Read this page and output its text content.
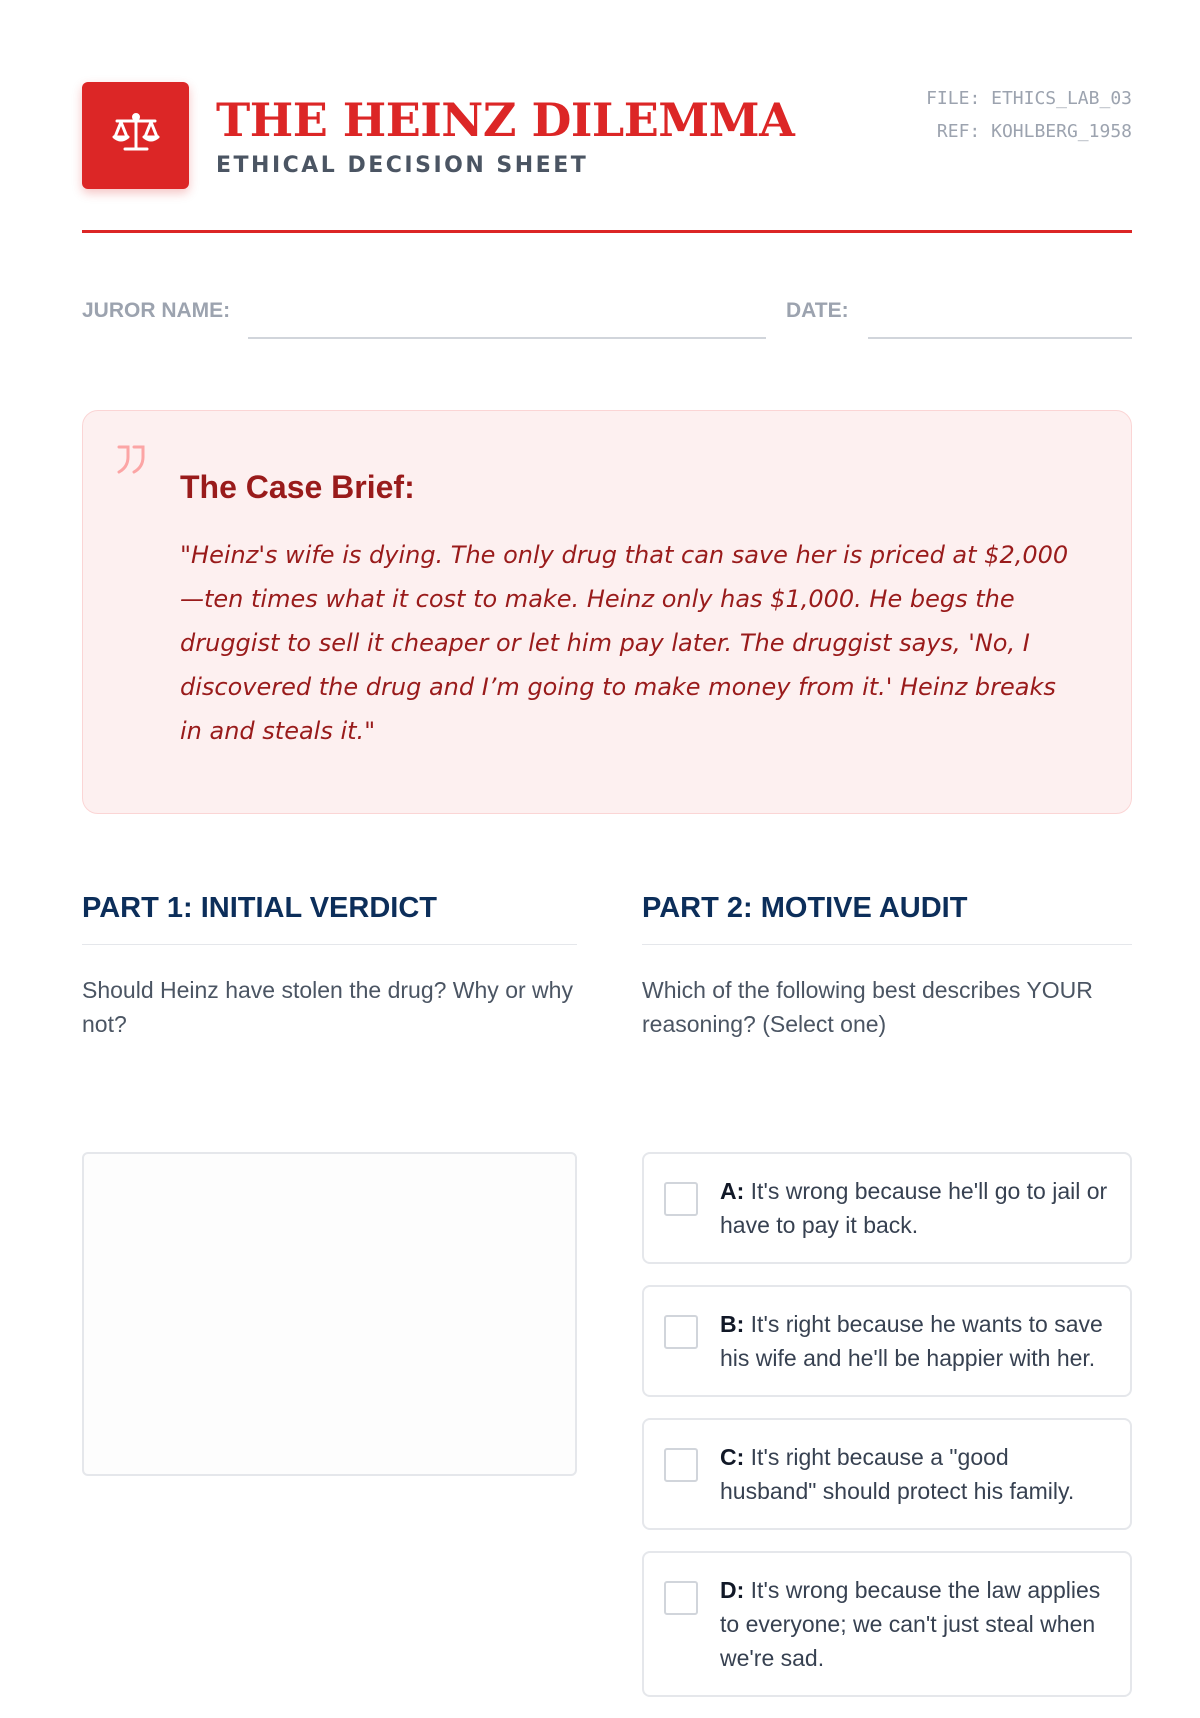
THE HEINZ DILEMMA
ETHICAL DECISION SHEET
FILE: ETHICS_LAB_03
REF: KOHLBERG_1958
JUROR NAME:	DATE:
The Case Brief:
"Heinz's wife is dying. The only drug that can save her is priced at $2,000—ten times what it cost to make. Heinz only has $1,000. He begs the druggist to sell it cheaper or let him pay later. The druggist says, 'No, I discovered the drug and I’m going to make money from it.' Heinz breaks in and steals it."
PART 1: INITIAL VERDICT
Should Heinz have stolen the drug? Why or why not?
PART 2: MOTIVE AUDIT
Which of the following best describes YOUR reasoning? (Select one)
A: It's wrong because he'll go to jail or have to pay it back.
B: It's right because he wants to save his wife and he'll be happier with her.
C: It's right because a "good husband" should protect his family.
D: It's wrong because the law applies to everyone; we can't just steal when we're sad.
